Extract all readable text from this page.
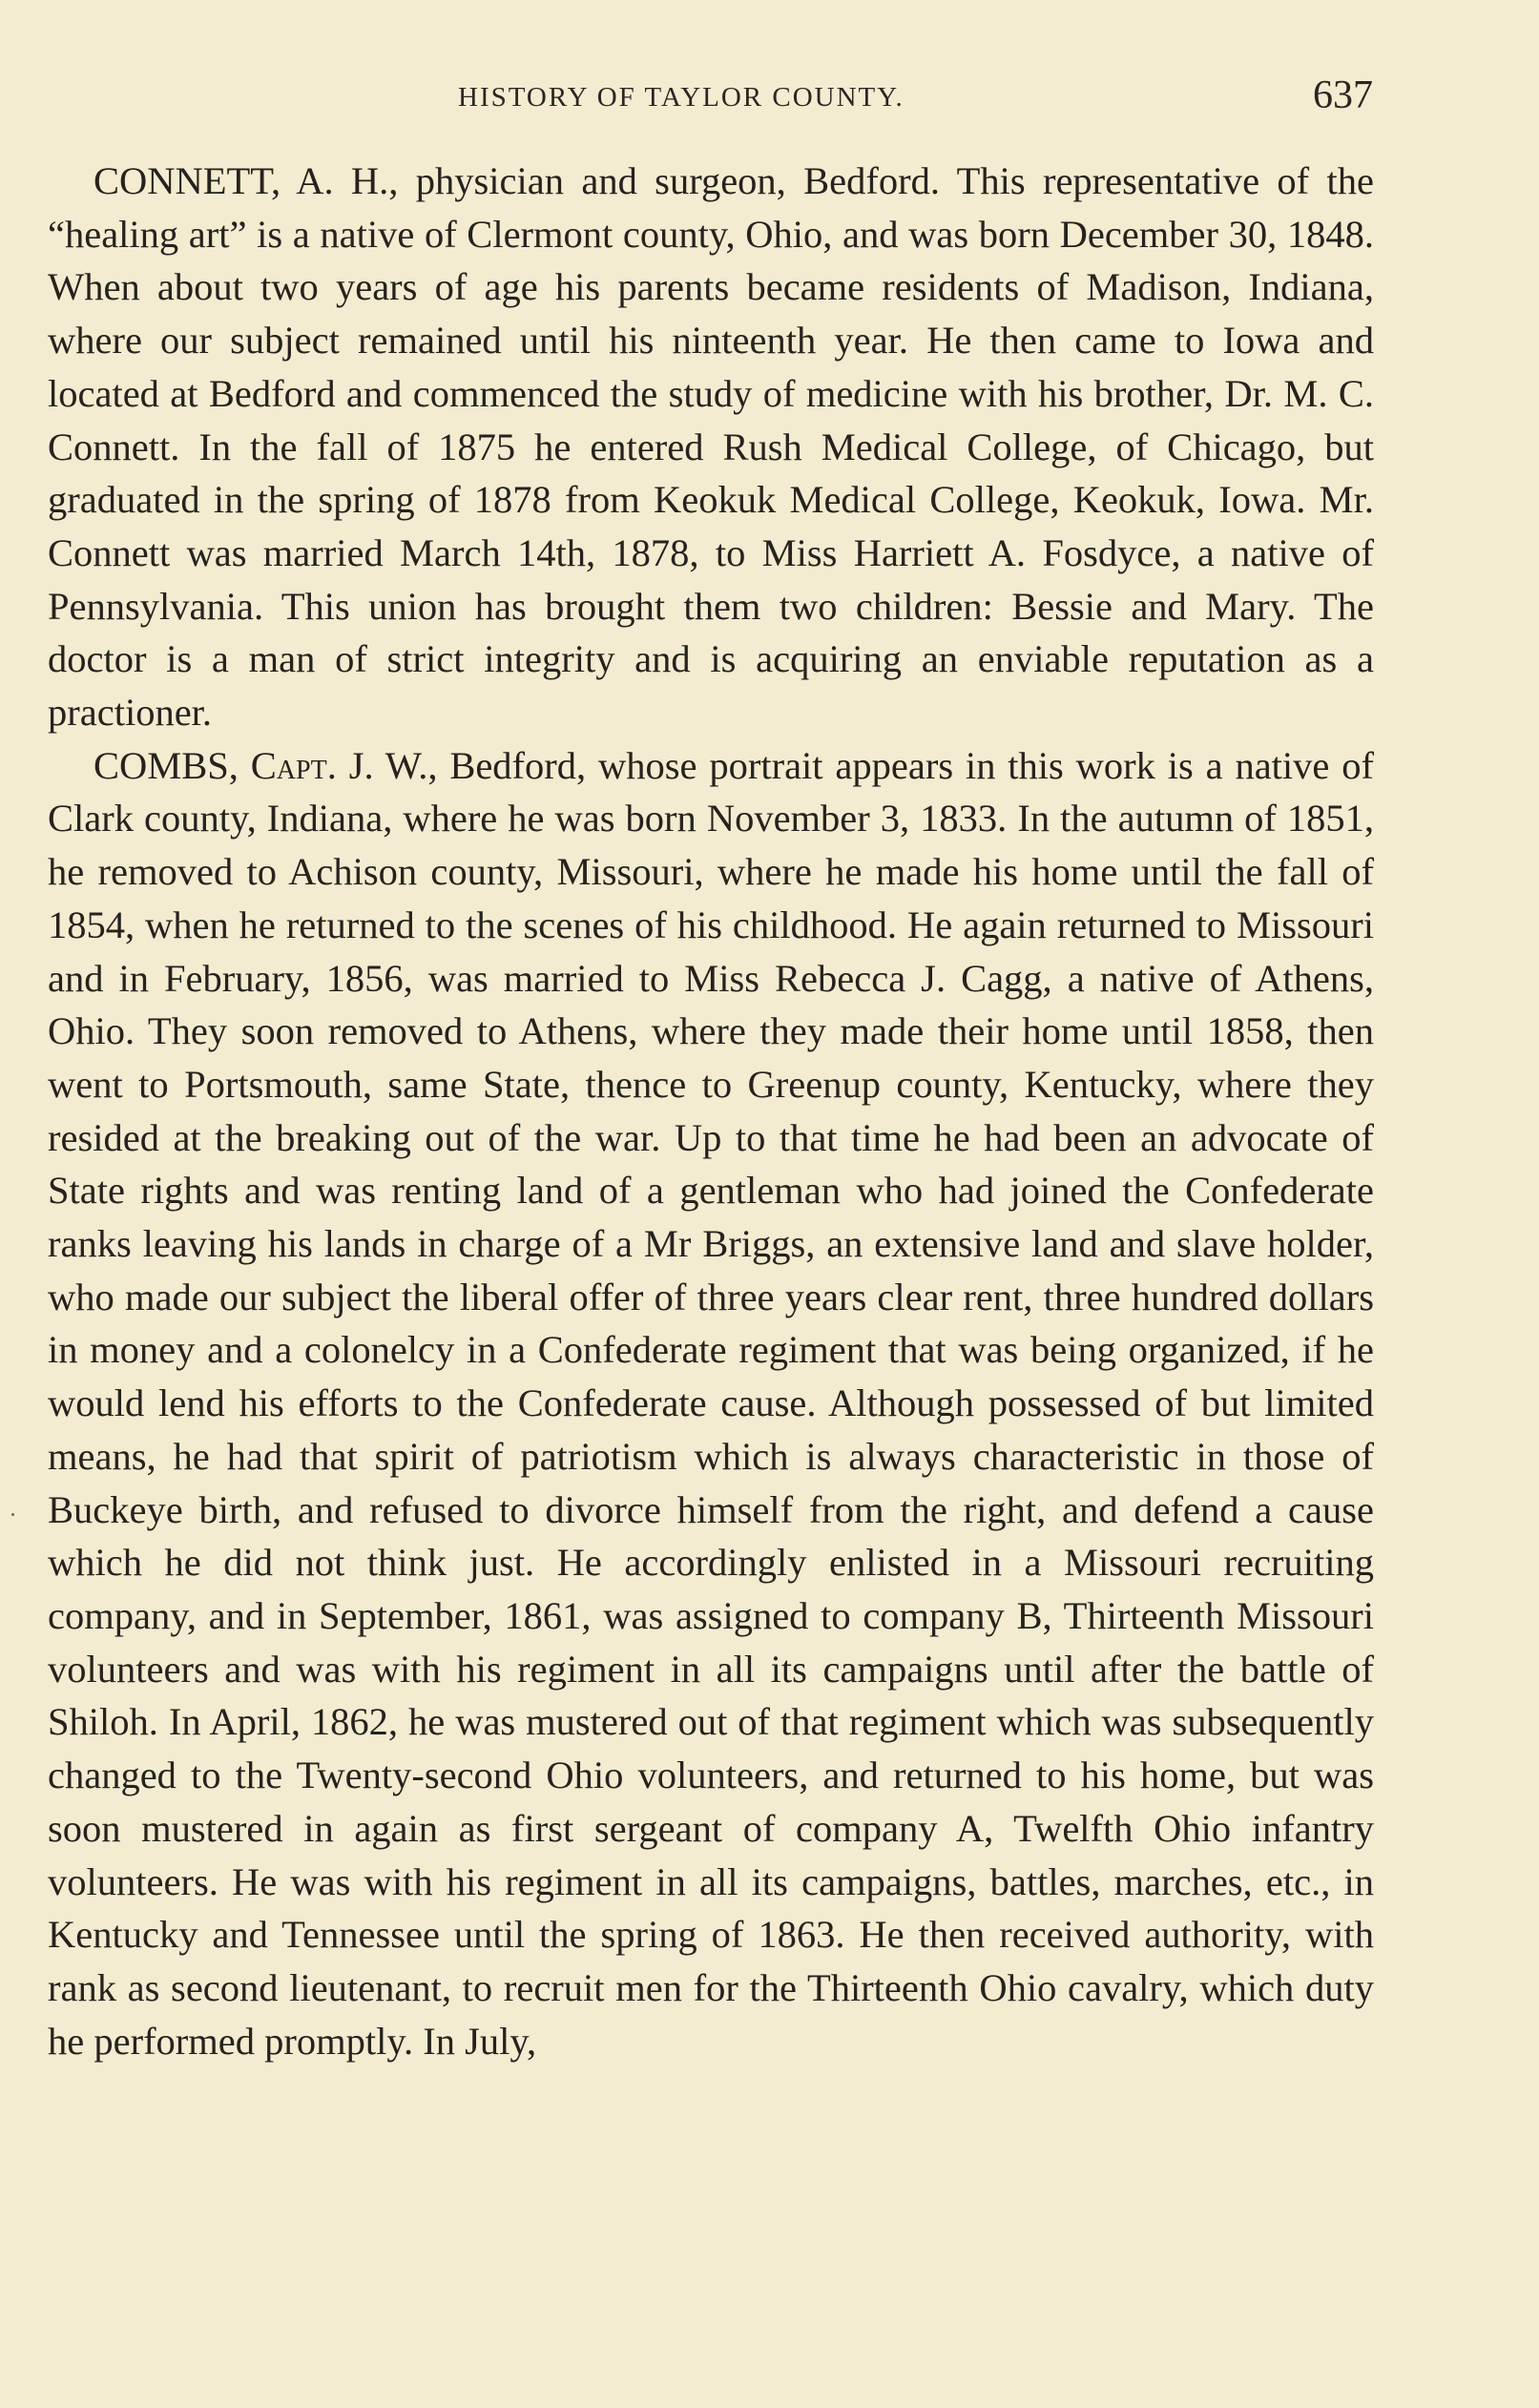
HISTORY OF TAYLOR COUNTY.	637

CONNETT, A. H., physician and surgeon, Bedford. This representative of the “healing art” is a native of Clermont county, Ohio, and was born December 30, 1848. When about two years of age his parents became residents of Madison, Indiana, where our subject remained until his ninteenth year. He then came to Iowa and located at Bedford and commenced the study of medicine with his brother, Dr. M. C. Connett. In the fall of 1875 he entered Rush Medical College, of Chicago, but graduated in the spring of 1878 from Keokuk Medical College, Keokuk, Iowa. Mr. Connett was married March 14th, 1878, to Miss Harriett A. Fosdyce, a native of Pennsylvania. This union has brought them two children: Bessie and Mary. The doctor is a man of strict integrity and is acquiring an enviable reputation as a practioner.

COMBS, Capt. J. W., Bedford, whose portrait appears in this work is a native of Clark county, Indiana, where he was born November 3, 1833. In the autumn of 1851, he removed to Achison county, Missouri, where he made his home until the fall of 1854, when he returned to the scenes of his childhood. He again returned to Missouri and in February, 1856, was married to Miss Rebecca J. Cagg, a native of Athens, Ohio. They soon removed to Athens, where they made their home until 1858, then went to Portsmouth, same State, thence to Greenup county, Kentucky, where they resided at the breaking out of the war. Up to that time he had been an advocate of State rights and was renting land of a gentleman who had joined the Confederate ranks leaving his lands in charge of a Mr Briggs, an extensive land and slave holder, who made our subject the liberal offer of three years clear rent, three hundred dollars in money and a colonelcy in a Confederate regiment that was being organized, if he would lend his efforts to the Confederate cause. Although possessed of but limited means, he had that spirit of patriotism which is always characteristic in those of Buckeye birth, and refused to divorce himself from the right, and defend a cause which he did not think just. He accordingly enlisted in a Missouri recruiting company, and in September, 1861, was assigned to company B, Thirteenth Missouri volunteers and was with his regiment in all its campaigns until after the battle of Shiloh. In April, 1862, he was mustered out of that regiment which was subsequently changed to the Twenty-second Ohio volunteers, and returned to his home, but was soon mustered in again as first sergeant of company A, Twelfth Ohio infantry volunteers. He was with his regiment in all its campaigns, battles, marches, etc., in Kentucky and Tennessee until the spring of 1863. He then received authority, with rank as second lieutenant, to recruit men for the Thirteenth Ohio cavalry, which duty he performed promptly. In July,
